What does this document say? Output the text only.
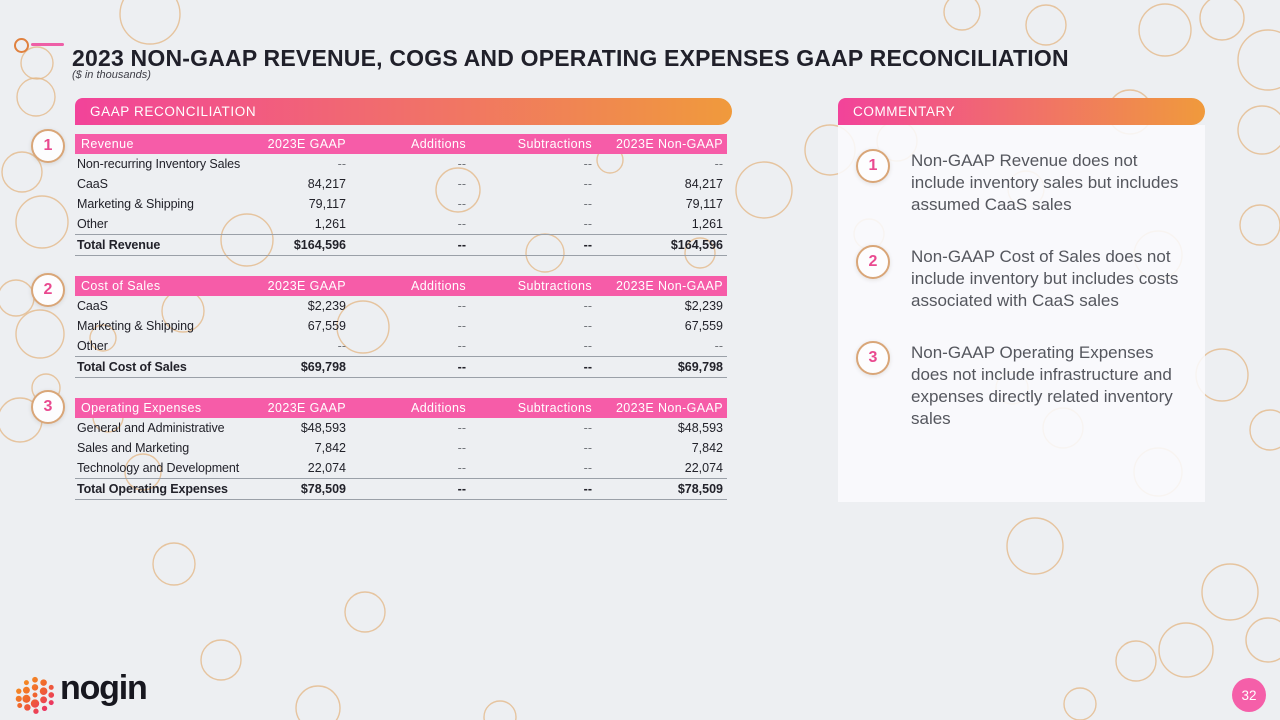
2023 NON-GAAP REVENUE, COGS AND OPERATING EXPENSES GAAP RECONCILIATION
($ in thousands)
GAAP RECONCILIATION	COMMENTARY
1
2
3
Revenue	2023E GAAP	Additions	Subtractions	2023E Non-GAAP
Non-recurring Inventory Sales	--	--	--	--
CaaS	84,217	--	--	84,217
Marketing & Shipping	79,117	--	--	79,117
Other	1,261	--	--	1,261
Total Revenue	$164,596	--	--	$164,596
Cost of Sales	2023E GAAP	Additions	Subtractions	2023E Non-GAAP
CaaS	$2,239	--	--	$2,239
Marketing & Shipping	67,559	--	--	67,559
Other	--	--	--	--
Total Cost of Sales	$69,798	--	--	$69,798
Operating Expenses	2023E GAAP	Additions	Subtractions	2023E Non-GAAP
General and Administrative	$48,593	--	--	$48,593
Sales and Marketing	7,842	--	--	7,842
Technology and Development	22,074	--	--	22,074
Total Operating Expenses	$78,509	--	--	$78,509
1	Non-GAAP Revenue does not include inventory sales but includes assumed CaaS sales
2	Non-GAAP Cost of Sales does not include inventory but includes costs associated with CaaS sales
3	Non-GAAP Operating Expenses does not include infrastructure and expenses directly related inventory sales
nogin	32
